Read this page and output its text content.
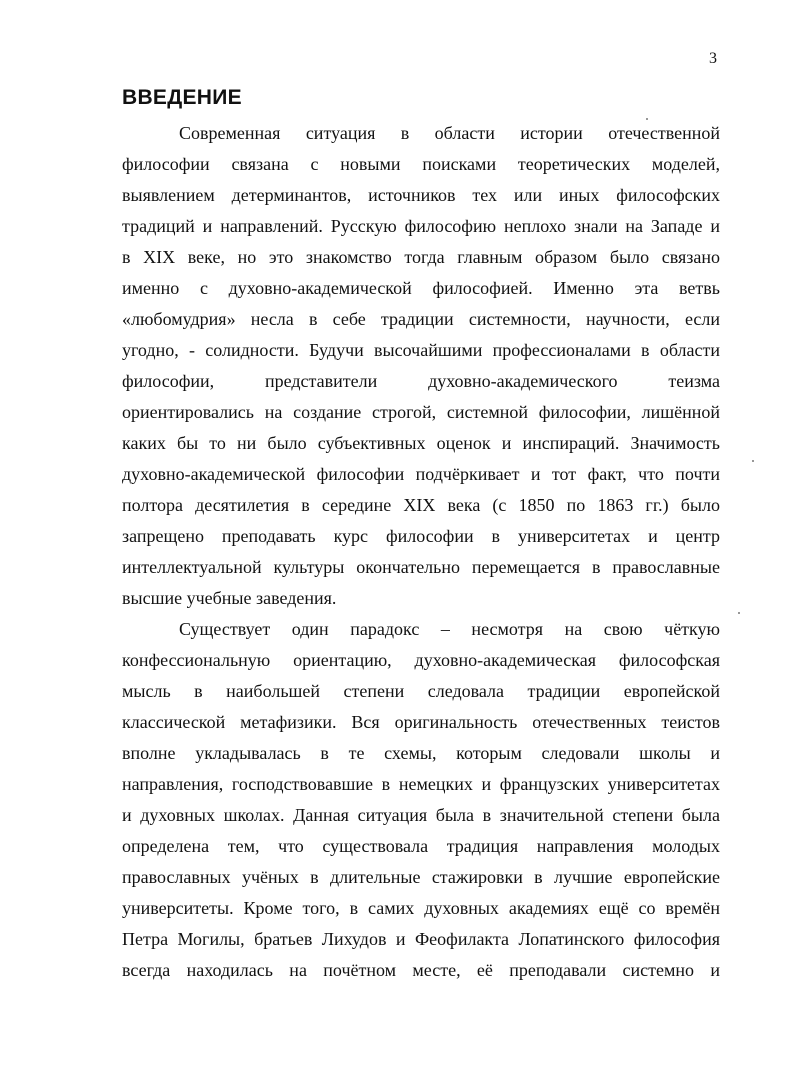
3
ВВЕДЕНИЕ
Современная ситуация в области истории отечественной
философии связана с новыми поисками теоретических моделей,
выявлением детерминантов, источников тех или иных философских
традиций и направлений. Русскую философию неплохо знали на Западе и
в XIX веке, но это знакомство тогда главным образом было связано
именно с духовно-академической философией. Именно эта ветвь
«любомудрия» несла в себе традиции системности, научности, если
угодно, - солидности. Будучи высочайшими профессионалами в области
философии, представители духовно-академического теизма
ориентировались на создание строгой, системной философии, лишённой
каких бы то ни было субъективных оценок и инспираций. Значимость
духовно-академической философии подчёркивает и тот факт, что почти
полтора десятилетия в середине XIX века (с 1850 по 1863 гг.) было
запрещено преподавать курс философии в университетах и центр
интеллектуальной культуры окончательно перемещается в православные
высшие учебные заведения.
Существует один парадокс – несмотря на свою чёткую
конфессиональную ориентацию, духовно-академическая философская
мысль в наибольшей степени следовала традиции европейской
классической метафизики. Вся оригинальность отечественных теистов
вполне укладывалась в те схемы, которым следовали школы и
направления, господствовавшие в немецких и французских университетах
и духовных школах. Данная ситуация была в значительной степени была
определена тем, что существовала традиция направления молодых
православных учёных в длительные стажировки в лучшие европейские
университеты. Кроме того, в самих духовных академиях ещё со времён
Петра Могилы, братьев Лихудов и Феофилакта Лопатинского философия
всегда находилась на почётном месте, её преподавали системно и
